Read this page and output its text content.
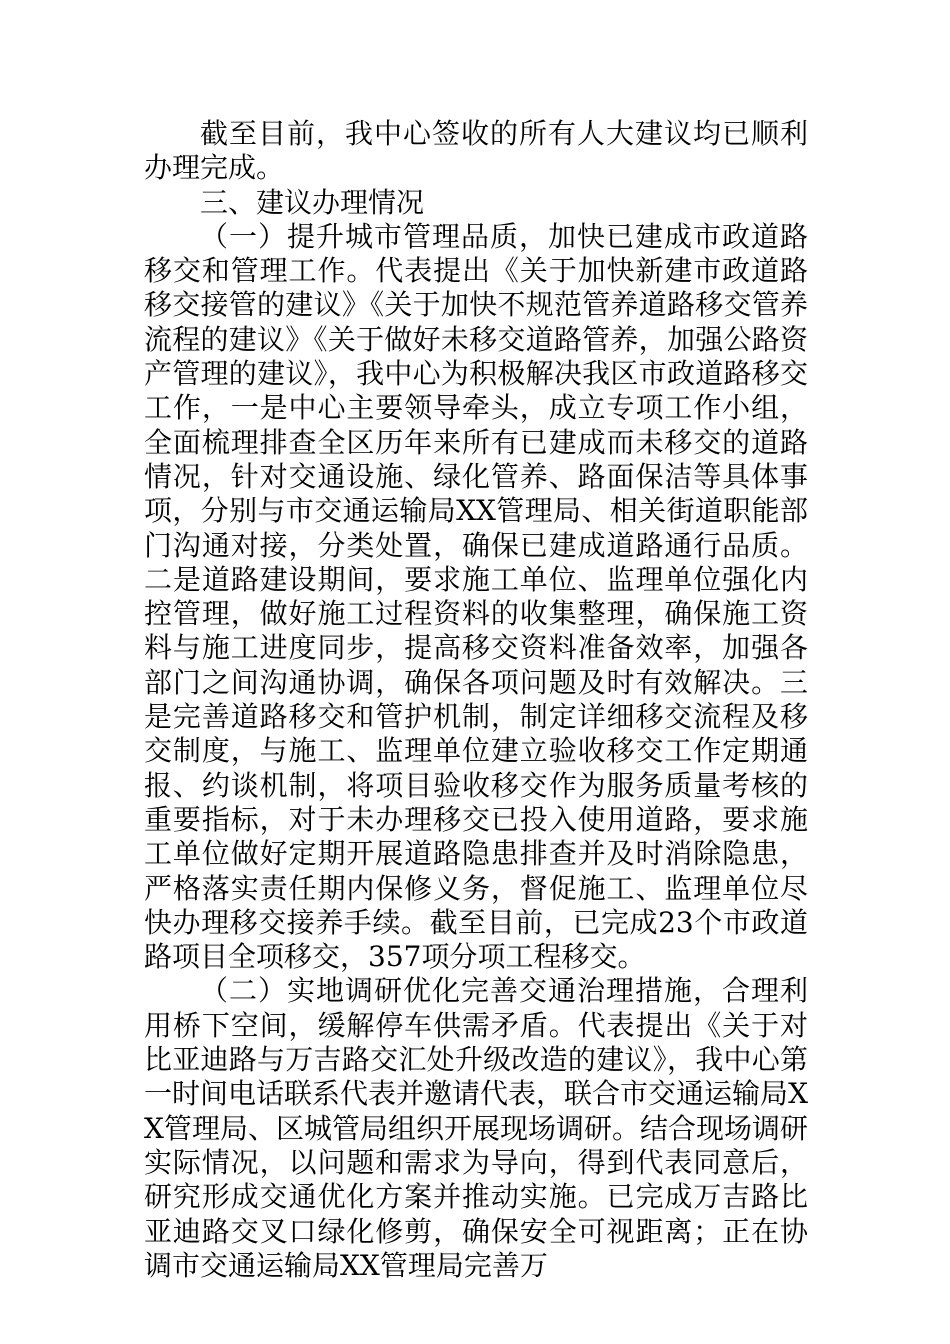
截至目前，我中心签收的所有人大建议均已顺利办理完成。

三、建议办理情况

（一）提升城市管理品质，加快已建成市政道路移交和管理工作。代表提出《关于加快新建市政道路移交接管的建议》《关于加快不规范管养道路移交管养流程的建议》《关于做好未移交道路管养，加强公路资产管理的建议》，我中心为积极解决我区市政道路移交工作，一是中心主要领导牵头，成立专项工作小组，全面梳理排查全区历年来所有已建成而未移交的道路情况，针对交通设施、绿化管养、路面保洁等具体事项，分别与市交通运输局XX管理局、相关街道职能部门沟通对接，分类处置，确保已建成道路通行品质。二是道路建设期间，要求施工单位、监理单位强化内控管理，做好施工过程资料的收集整理，确保施工资料与施工进度同步，提高移交资料准备效率，加强各部门之间沟通协调，确保各项问题及时有效解决。三是完善道路移交和管护机制，制定详细移交流程及移交制度，与施工、监理单位建立验收移交工作定期通报、约谈机制，将项目验收移交作为服务质量考核的重要指标，对于未办理移交已投入使用道路，要求施工单位做好定期开展道路隐患排查并及时消除隐患，严格落实责任期内保修义务，督促施工、监理单位尽快办理移交接养手续。截至目前，已完成23个市政道路项目全项移交，357项分项工程移交。

（二）实地调研优化完善交通治理措施，合理利用桥下空间，缓解停车供需矛盾。代表提出《关于对比亚迪路与万吉路交汇处升级改造的建议》，我中心第一时间电话联系代表并邀请代表，联合市交通运输局XX管理局、区城管局组织开展现场调研。结合现场调研实际情况，以问题和需求为导向，得到代表同意后，研究形成交通优化方案并推动实施。已完成万吉路比亚迪路交叉口绿化修剪，确保安全可视距离；正在协调市交通运输局XX管理局完善万
